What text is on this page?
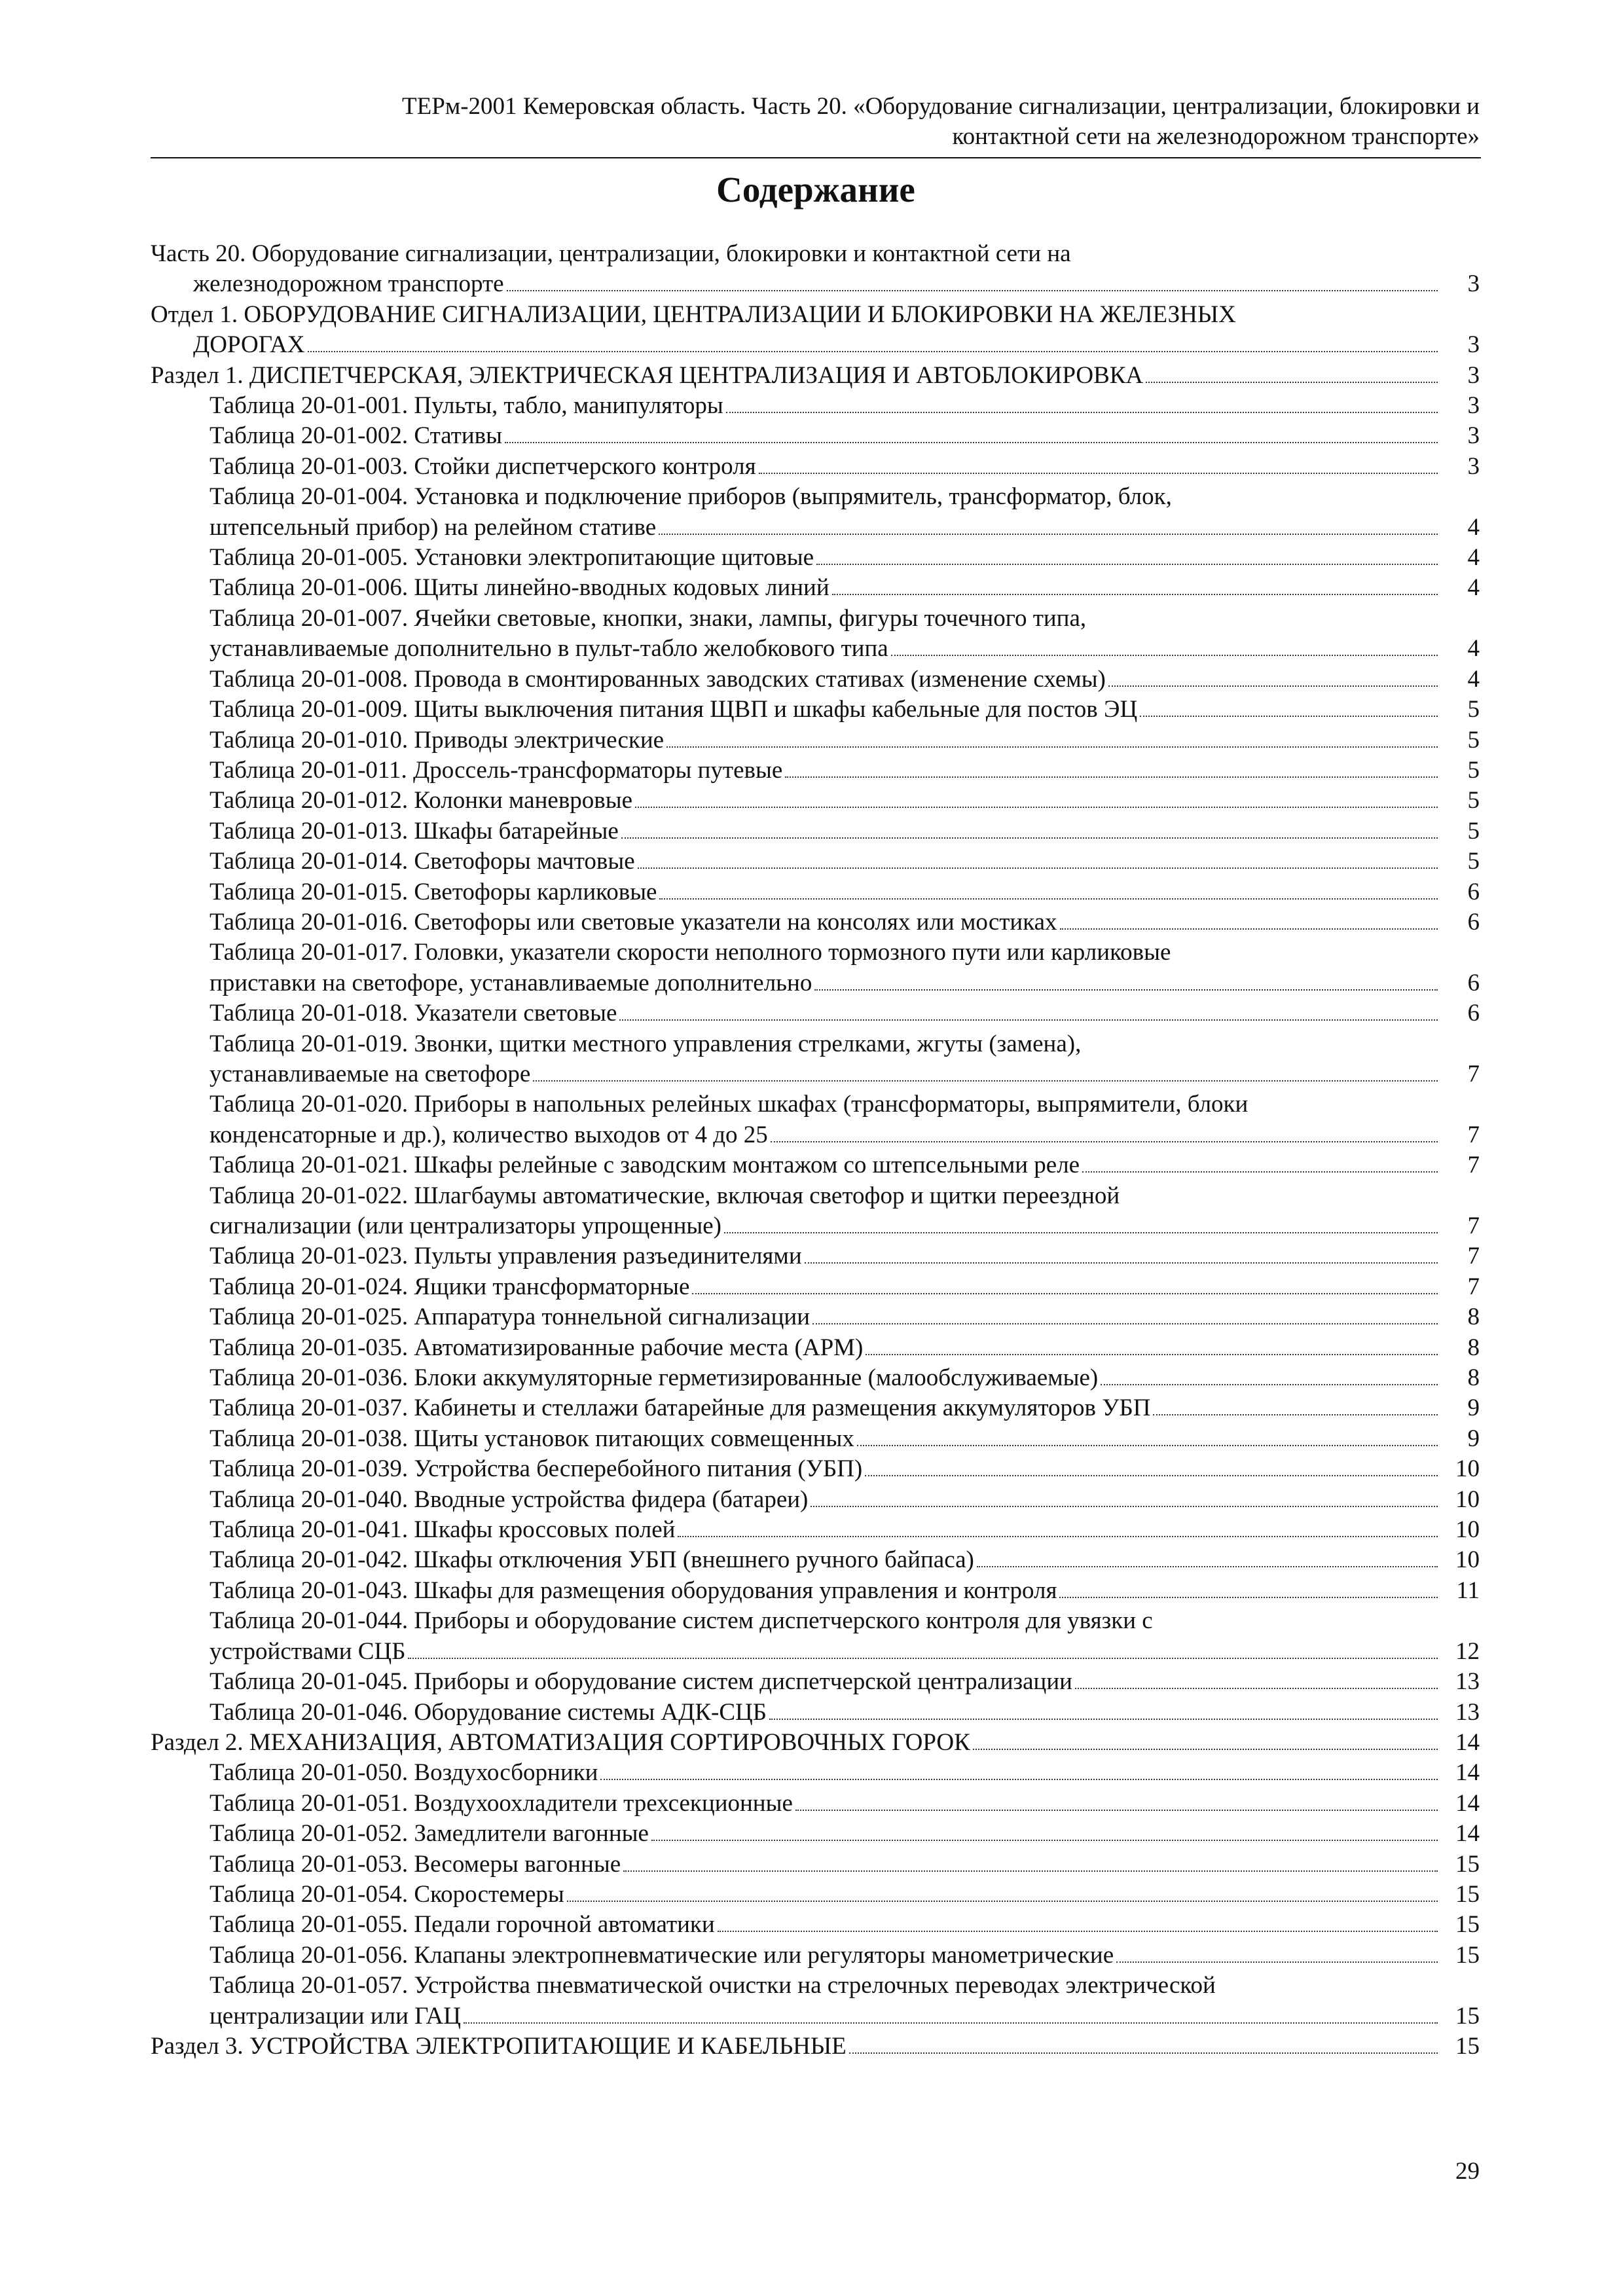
ТЕРм-2001 Кемеровская область. Часть 20. «Оборудование сигнализации, централизации, блокировки и
контактной сети на железнодорожном транспорте»
Содержание
Часть 20. Оборудование сигнализации, централизации, блокировки и контактной сети на
железнодорожном транспорте	3
Отдел 1. ОБОРУДОВАНИЕ СИГНАЛИЗАЦИИ, ЦЕНТРАЛИЗАЦИИ И БЛОКИРОВКИ НА ЖЕЛЕЗНЫХ
ДОРОГАХ	3
Раздел 1. ДИСПЕТЧЕРСКАЯ, ЭЛЕКТРИЧЕСКАЯ ЦЕНТРАЛИЗАЦИЯ И АВТОБЛОКИРОВКА	3
Таблица 20-01-001. Пульты, табло, манипуляторы	3
Таблица 20-01-002. Стативы	3
Таблица 20-01-003. Стойки диспетчерского контроля	3
Таблица 20-01-004. Установка и подключение приборов (выпрямитель, трансформатор, блок,
штепсельный прибор) на релейном стативе	4
Таблица 20-01-005. Установки электропитающие щитовые	4
Таблица 20-01-006. Щиты линейно-вводных кодовых линий	4
Таблица 20-01-007. Ячейки световые, кнопки, знаки, лампы, фигуры точечного типа,
устанавливаемые дополнительно в пульт-табло желобкового типа	4
Таблица 20-01-008. Провода в смонтированных заводских стативах (изменение схемы)	4
Таблица 20-01-009. Щиты выключения питания ЩВП и шкафы кабельные для постов ЭЦ	5
Таблица 20-01-010. Приводы электрические	5
Таблица 20-01-011. Дроссель-трансформаторы путевые	5
Таблица 20-01-012. Колонки маневровые	5
Таблица 20-01-013. Шкафы батарейные	5
Таблица 20-01-014. Светофоры мачтовые	5
Таблица 20-01-015. Светофоры карликовые	6
Таблица 20-01-016. Светофоры или световые указатели на консолях или мостиках	6
Таблица 20-01-017. Головки, указатели скорости неполного тормозного пути или карликовые
приставки на светофоре, устанавливаемые дополнительно	6
Таблица 20-01-018. Указатели световые	6
Таблица 20-01-019. Звонки, щитки местного управления стрелками, жгуты (замена),
устанавливаемые на светофоре	7
Таблица 20-01-020. Приборы в напольных релейных шкафах (трансформаторы, выпрямители, блоки
конденсаторные и др.), количество выходов от 4 до 25	7
Таблица 20-01-021. Шкафы релейные с заводским монтажом со штепсельными реле	7
Таблица 20-01-022. Шлагбаумы автоматические, включая светофор и щитки переездной
сигнализации (или централизаторы упрощенные)	7
Таблица 20-01-023. Пульты управления разъединителями	7
Таблица 20-01-024. Ящики трансформаторные	7
Таблица 20-01-025. Аппаратура тоннельной сигнализации	8
Таблица 20-01-035. Автоматизированные рабочие места (АРМ)	8
Таблица 20-01-036. Блоки аккумуляторные герметизированные (малообслуживаемые)	8
Таблица 20-01-037. Кабинеты и стеллажи батарейные для размещения аккумуляторов УБП	9
Таблица 20-01-038. Щиты установок питающих совмещенных	9
Таблица 20-01-039. Устройства бесперебойного питания (УБП)	10
Таблица 20-01-040. Вводные устройства фидера (батареи)	10
Таблица 20-01-041. Шкафы кроссовых полей	10
Таблица 20-01-042. Шкафы отключения УБП (внешнего ручного байпаса)	10
Таблица 20-01-043. Шкафы для размещения оборудования управления и контроля	11
Таблица 20-01-044. Приборы и оборудование систем диспетчерского контроля для увязки с
устройствами СЦБ	12
Таблица 20-01-045. Приборы и оборудование систем диспетчерской централизации	13
Таблица 20-01-046. Оборудование системы АДК-СЦБ	13
Раздел 2. МЕХАНИЗАЦИЯ, АВТОМАТИЗАЦИЯ СОРТИРОВОЧНЫХ ГОРОК	14
Таблица 20-01-050. Воздухосборники	14
Таблица 20-01-051. Воздухоохладители трехсекционные	14
Таблица 20-01-052. Замедлители вагонные	14
Таблица 20-01-053. Весомеры вагонные	15
Таблица 20-01-054. Скоростемеры	15
Таблица 20-01-055. Педали горочной автоматики	15
Таблица 20-01-056. Клапаны электропневматические или регуляторы манометрические	15
Таблица 20-01-057. Устройства пневматической очистки на стрелочных переводах электрической
централизации или ГАЦ	15
Раздел 3. УСТРОЙСТВА ЭЛЕКТРОПИТАЮЩИЕ И КАБЕЛЬНЫЕ	15
29
